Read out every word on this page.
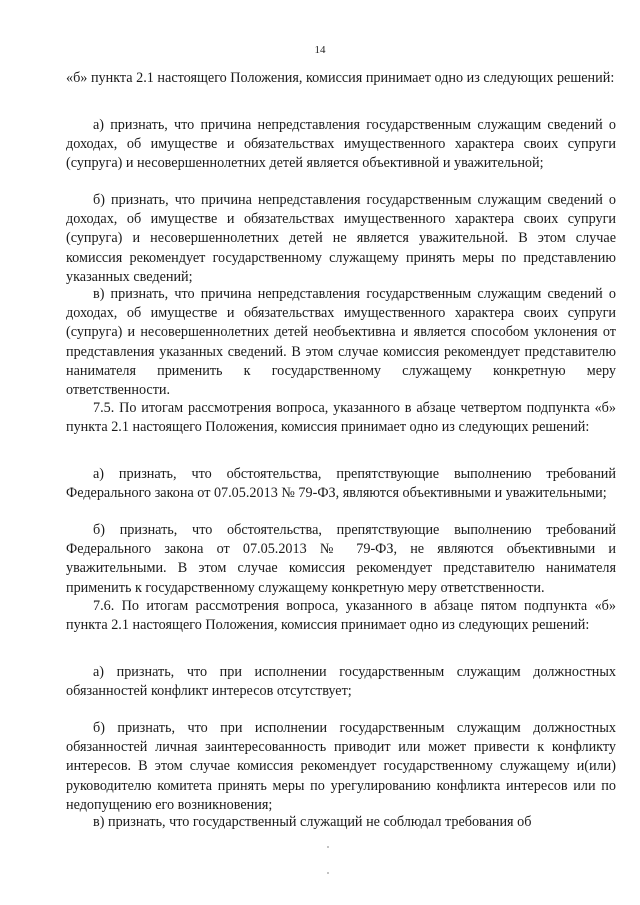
14

«б» пункта 2.1 настоящего Положения, комиссия принимает одно из следующих решений:

а) признать, что причина непредставления государственным служащим сведений о доходах, об имуществе и обязательствах имущественного характера своих супруги (супруга) и несовершеннолетних детей является объективной и уважительной;

б) признать, что причина непредставления государственным служащим сведений о доходах, об имуществе и обязательствах имущественного характера своих супруги (супруга) и несовершеннолетних детей не является уважительной. В этом случае комиссия рекомендует государственному служащему принять меры по представлению указанных сведений;

в) признать, что причина непредставления государственным служащим сведений о доходах, об имуществе и обязательствах имущественного характера своих супруги (супруга) и несовершеннолетних детей необъективна и является способом уклонения от представления указанных сведений. В этом случае комиссия рекомендует представителю нанимателя применить к государственному служащему конкретную меру ответственности.

7.5. По итогам рассмотрения вопроса, указанного в абзаце четвертом подпункта «б» пункта 2.1 настоящего Положения, комиссия принимает одно из следующих решений:

а) признать, что обстоятельства, препятствующие выполнению требований Федерального закона от 07.05.2013 № 79-ФЗ, являются объективными и уважительными;

б) признать, что обстоятельства, препятствующие выполнению требований Федерального закона от 07.05.2013 № 79-ФЗ, не являются объективными и уважительными. В этом случае комиссия рекомендует представителю нанимателя применить к государственному служащему конкретную меру ответственности.

7.6. По итогам рассмотрения вопроса, указанного в абзаце пятом подпункта «б» пункта 2.1 настоящего Положения, комиссия принимает одно из следующих решений:

а) признать, что при исполнении государственным служащим должностных обязанностей конфликт интересов отсутствует;

б) признать, что при исполнении государственным служащим должностных обязанностей личная заинтересованность приводит или может привести к конфликту интересов. В этом случае комиссия рекомендует государственному служащему и(или) руководителю комитета принять меры по урегулированию конфликта интересов или по недопущению его возникновения;

в) признать, что государственный служащий не соблюдал требования об
